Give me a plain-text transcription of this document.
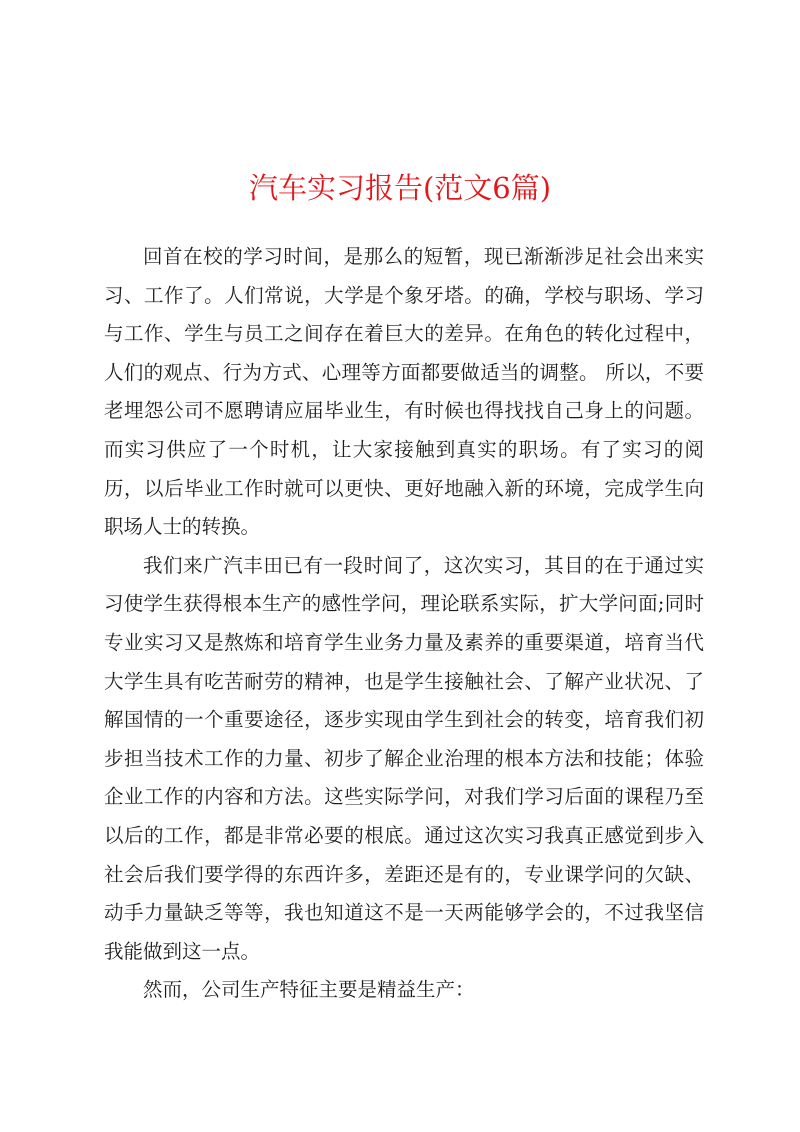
汽车实习报告(范文6篇)

回首在校的学习时间，是那么的短暂，现已渐渐涉足社会出来实习、工作了。人们常说，大学是个象牙塔。的确，学校与职场、学习与工作、学生与员工之间存在着巨大的差异。在角色的转化过程中，人们的观点、行为方式、心理等方面都要做适当的调整。 所以，不要老埋怨公司不愿聘请应届毕业生，有时候也得找找自己身上的问题。而实习供应了一个时机，让大家接触到真实的职场。有了实习的阅历，以后毕业工作时就可以更快、更好地融入新的环境，完成学生向职场人士的转换。

我们来广汽丰田已有一段时间了，这次实习，其目的在于通过实习使学生获得根本生产的感性学问，理论联系实际，扩大学问面;同时专业实习又是熬炼和培育学生业务力量及素养的重要渠道，培育当代大学生具有吃苦耐劳的精神，也是学生接触社会、了解产业状况、了解国情的一个重要途径，逐步实现由学生到社会的转变，培育我们初步担当技术工作的力量、初步了解企业治理的根本方法和技能；体验企业工作的内容和方法。这些实际学问，对我们学习后面的课程乃至以后的工作，都是非常必要的根底。通过这次实习我真正感觉到步入社会后我们要学得的东西许多，差距还是有的，专业课学问的欠缺、动手力量缺乏等等，我也知道这不是一天两能够学会的，不过我坚信我能做到这一点。

然而，公司生产特征主要是精益生产：
